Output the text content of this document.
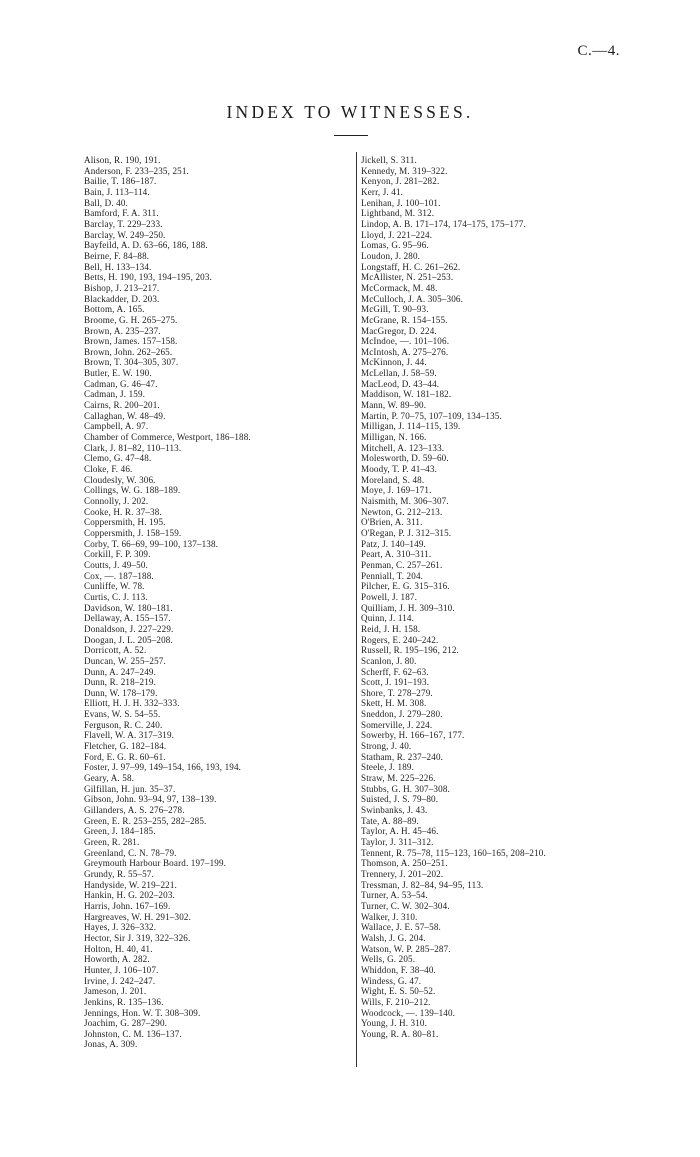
C.—4.
INDEX TO WITNESSES.
Alison, R. 190, 191.
Anderson, F. 233–235, 251.
Bailie, T. 186–187.
Bain, J. 113–114.
Ball, D. 40.
Bamford, F. A. 311.
Barclay, T. 229–233.
Barclay, W. 249–250.
Bayfeild, A. D. 63–66, 186, 188.
Beirne, F. 84–88.
Bell, H. 133–134.
Betts, H. 190, 193, 194–195, 203.
Bishop, J. 213–217.
Blackadder, D. 203.
Bottom, A. 165.
Broome, G. H. 265–275.
Brown, A. 235–237.
Brown, James. 157–158.
Brown, John. 262–265.
Brown, T. 304–305, 307.
Butler, E. W. 190.
Cadman, G. 46–47.
Cadman, J. 159.
Cairns, R. 200–201.
Callaghan, W. 48–49.
Campbell, A. 97.
Chamber of Commerce, Westport, 186–188.
Clark, J. 81–82, 110–113.
Clemo, G. 47–48.
Cloke, F. 46.
Cloudesly, W. 306.
Collings, W. G. 188–189.
Connolly, J. 202.
Cooke, H. R. 37–38.
Coppersmith, H. 195.
Coppersmith, J. 158–159.
Corby, T. 66–69, 99–100, 137–138.
Corkill, F. P. 309.
Coutts, J. 49–50.
Cox, —. 187–188.
Cunliffe, W. 78.
Curtis, C. J. 113.
Davidson, W. 180–181.
Dellaway, A. 155–157.
Donaldson, J. 227–229.
Doogan, J. L. 205–208.
Dorricott, A. 52.
Duncan, W. 255–257.
Dunn, A. 247–249.
Dunn, R. 218–219.
Dunn, W. 178–179.
Elliott, H. J. H. 332–333.
Evans, W. S. 54–55.
Ferguson, R. C. 240.
Flavell, W. A. 317–319.
Fletcher, G. 182–184.
Ford, E. G. R. 60–61.
Foster, J. 97–99, 149–154, 166, 193, 194.
Geary, A. 58.
Gilfillan, H. jun. 35–37.
Gibson, John. 93–94, 97, 138–139.
Gillanders, A. S. 276–278.
Green, E. R. 253–255, 282–285.
Green, J. 184–185.
Green, R. 281.
Greenland, C. N. 78–79.
Greymouth Harbour Board. 197–199.
Grundy, R. 55–57.
Handyside, W. 219–221.
Hankin, H. G. 202–203.
Harris, John. 167–169.
Hargreaves, W. H. 291–302.
Hayes, J. 326–332.
Hector, Sir J. 319, 322–326.
Holton, H. 40, 41.
Howorth, A. 282.
Hunter, J. 106–107.
Irvine, J. 242–247.
Jameson, J. 201.
Jenkins, R. 135–136.
Jennings, Hon. W. T. 308–309.
Joachim, G. 287–290.
Johnston, C. M. 136–137.
Jonas, A. 309.
Jickell, S. 311.
Kennedy, M. 319–322.
Kenyon, J. 281–282.
Kerr, J. 41.
Lenihan, J. 100–101.
Lightband, M. 312.
Lindop, A. B. 171–174, 174–175, 175–177.
Lloyd, J. 221–224.
Lomas, G. 95–96.
Loudon, J. 280.
Longstaff, H. C. 261–262.
McAllister, N. 251–253.
McCormack, M. 48.
McCulloch, J. A. 305–306.
McGill, T. 90–93.
McGrane, R. 154–155.
MacGregor, D. 224.
McIndoe, —. 101–106.
McIntosh, A. 275–276.
McKinnon, J. 44.
McLellan, J. 58–59.
MacLeod, D. 43–44.
Maddison, W. 181–182.
Mann, W. 89–90.
Martin, P. 70–75, 107–109, 134–135.
Milligan, J. 114–115, 139.
Milligan, N. 166.
Mitchell, A. 123–133.
Molesworth, D. 59–60.
Moody, T. P. 41–43.
Moreland, S. 48.
Moye, J. 169–171.
Naismith, M. 306–307.
Newton, G. 212–213.
O'Brien, A. 311.
O'Regan, P. J. 312–315.
Patz, J. 140–149.
Peart, A. 310–311.
Penman, C. 257–261.
Penniall, T. 204.
Pilcher, E. G. 315–316.
Powell, J. 187.
Quilliam, J. H. 309–310.
Quinn, J. 114.
Reid, J. H. 158.
Rogers, E. 240–242.
Russell, R. 195–196, 212.
Scanlon, J. 80.
Scherff, F. 62–63.
Scott, J. 191–193.
Shore, T. 278–279.
Skett, H. M. 308.
Sneddon, J. 279–280.
Somerville, J. 224.
Sowerby, H. 166–167, 177.
Strong, J. 40.
Statham, R. 237–240.
Steele, J. 189.
Straw, M. 225–226.
Stubbs, G. H. 307–308.
Suisted, J. S. 79–80.
Swinbanks, J. 43.
Tate, A. 88–89.
Taylor, A. H. 45–46.
Taylor, J. 311–312.
Tennent, R. 75–78, 115–123, 160–165, 208–210.
Thomson, A. 250–251.
Trennery, J. 201–202.
Tressman, J. 82–84, 94–95, 113.
Turner, A. 53–54.
Turner, C. W. 302–304.
Walker, J. 310.
Wallace, J. E. 57–58.
Walsh, J. G. 204.
Watson, W. P. 285–287.
Wells, G. 205.
Whiddon, F. 38–40.
Windess, G. 47.
Wight, E. S. 50–52.
Wills, F. 210–212.
Woodcock, —. 139–140.
Young, J. H. 310.
Young, R. A. 80–81.
